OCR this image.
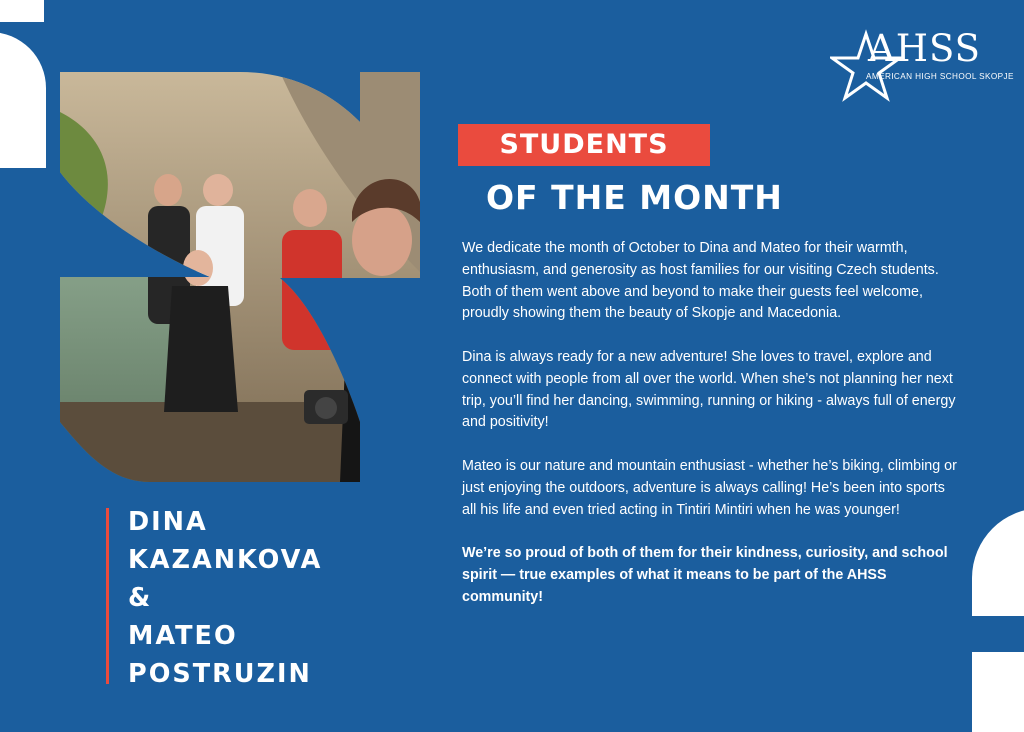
AHSS
AMERICAN HIGH SCHOOL SKOPJE
STUDENTS
OF THE MONTH

We dedicate the month of October to Dina and Mateo for their warmth, enthusiasm, and generosity as host families for our visiting Czech students. Both of them went above and beyond to make their guests feel welcome, proudly showing them the beauty of Skopje and Macedonia.

Dina is always ready for a new adventure! She loves to travel, explore and connect with people from all over the world. When she’s not planning her next trip, you’ll find her dancing, swimming, running or hiking - always full of energy and positivity!

Mateo is our nature and mountain enthusiast - whether he’s biking, climbing or just enjoying the outdoors, adventure is always calling! He’s been into sports all his life and even tried acting in Tintiri Mintiri when he was younger!

We’re so proud of both of them for their kindness, curiosity, and school spirit — true examples of what it means to be part of the AHSS community!

DINA
KAZANKOVA
&
MATEO
POSTRUZIN
